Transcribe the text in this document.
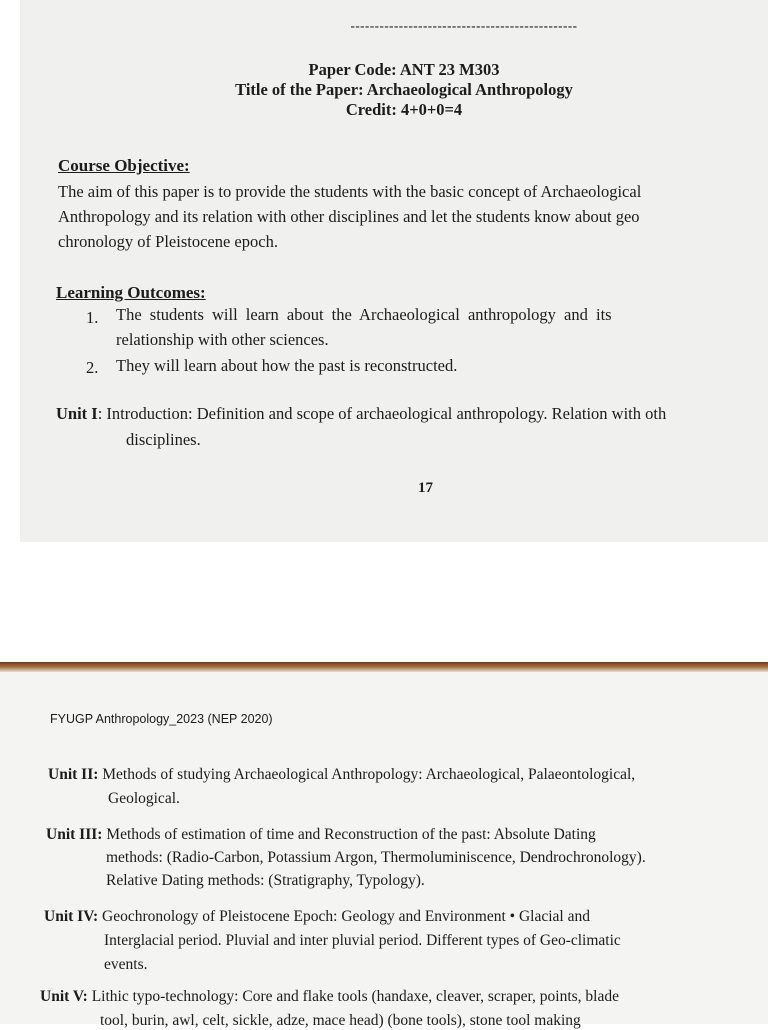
-----------------------------------------------
Paper Code: ANT 23 M303
Title of the Paper: Archaeological Anthropology
Credit: 4+0+0=4
Course Objective:
The aim of this paper is to provide the students with the basic concept of Archaeological
Anthropology and its relation with other disciplines and let the students know about geo
chronology of Pleistocene epoch.
Learning Outcomes:
1. The students will learn about the Archaeological anthropology and its
relationship with other sciences.
2. They will learn about how the past is reconstructed.
Unit I: Introduction: Definition and scope of archaeological anthropology. Relation with oth
disciplines.
17
FYUGP Anthropology_2023 (NEP 2020)
Unit II: Methods of studying Archaeological Anthropology: Archaeological, Palaeontological,
Geological.
Unit III: Methods of estimation of time and Reconstruction of the past: Absolute Dating
methods: (Radio-Carbon, Potassium Argon, Thermoluminiscence, Dendrochronology).
Relative Dating methods: (Stratigraphy, Typology).
Unit IV: Geochronology of Pleistocene Epoch: Geology and Environment • Glacial and
Interglacial period. Pluvial and inter pluvial period. Different types of Geo-climatic
events.
Unit V: Lithic typo-technology: Core and flake tools (handaxe, cleaver, scraper, points, blade
tool, burin, awl, celt, sickle, adze, mace head) (bone tools), stone tool making
